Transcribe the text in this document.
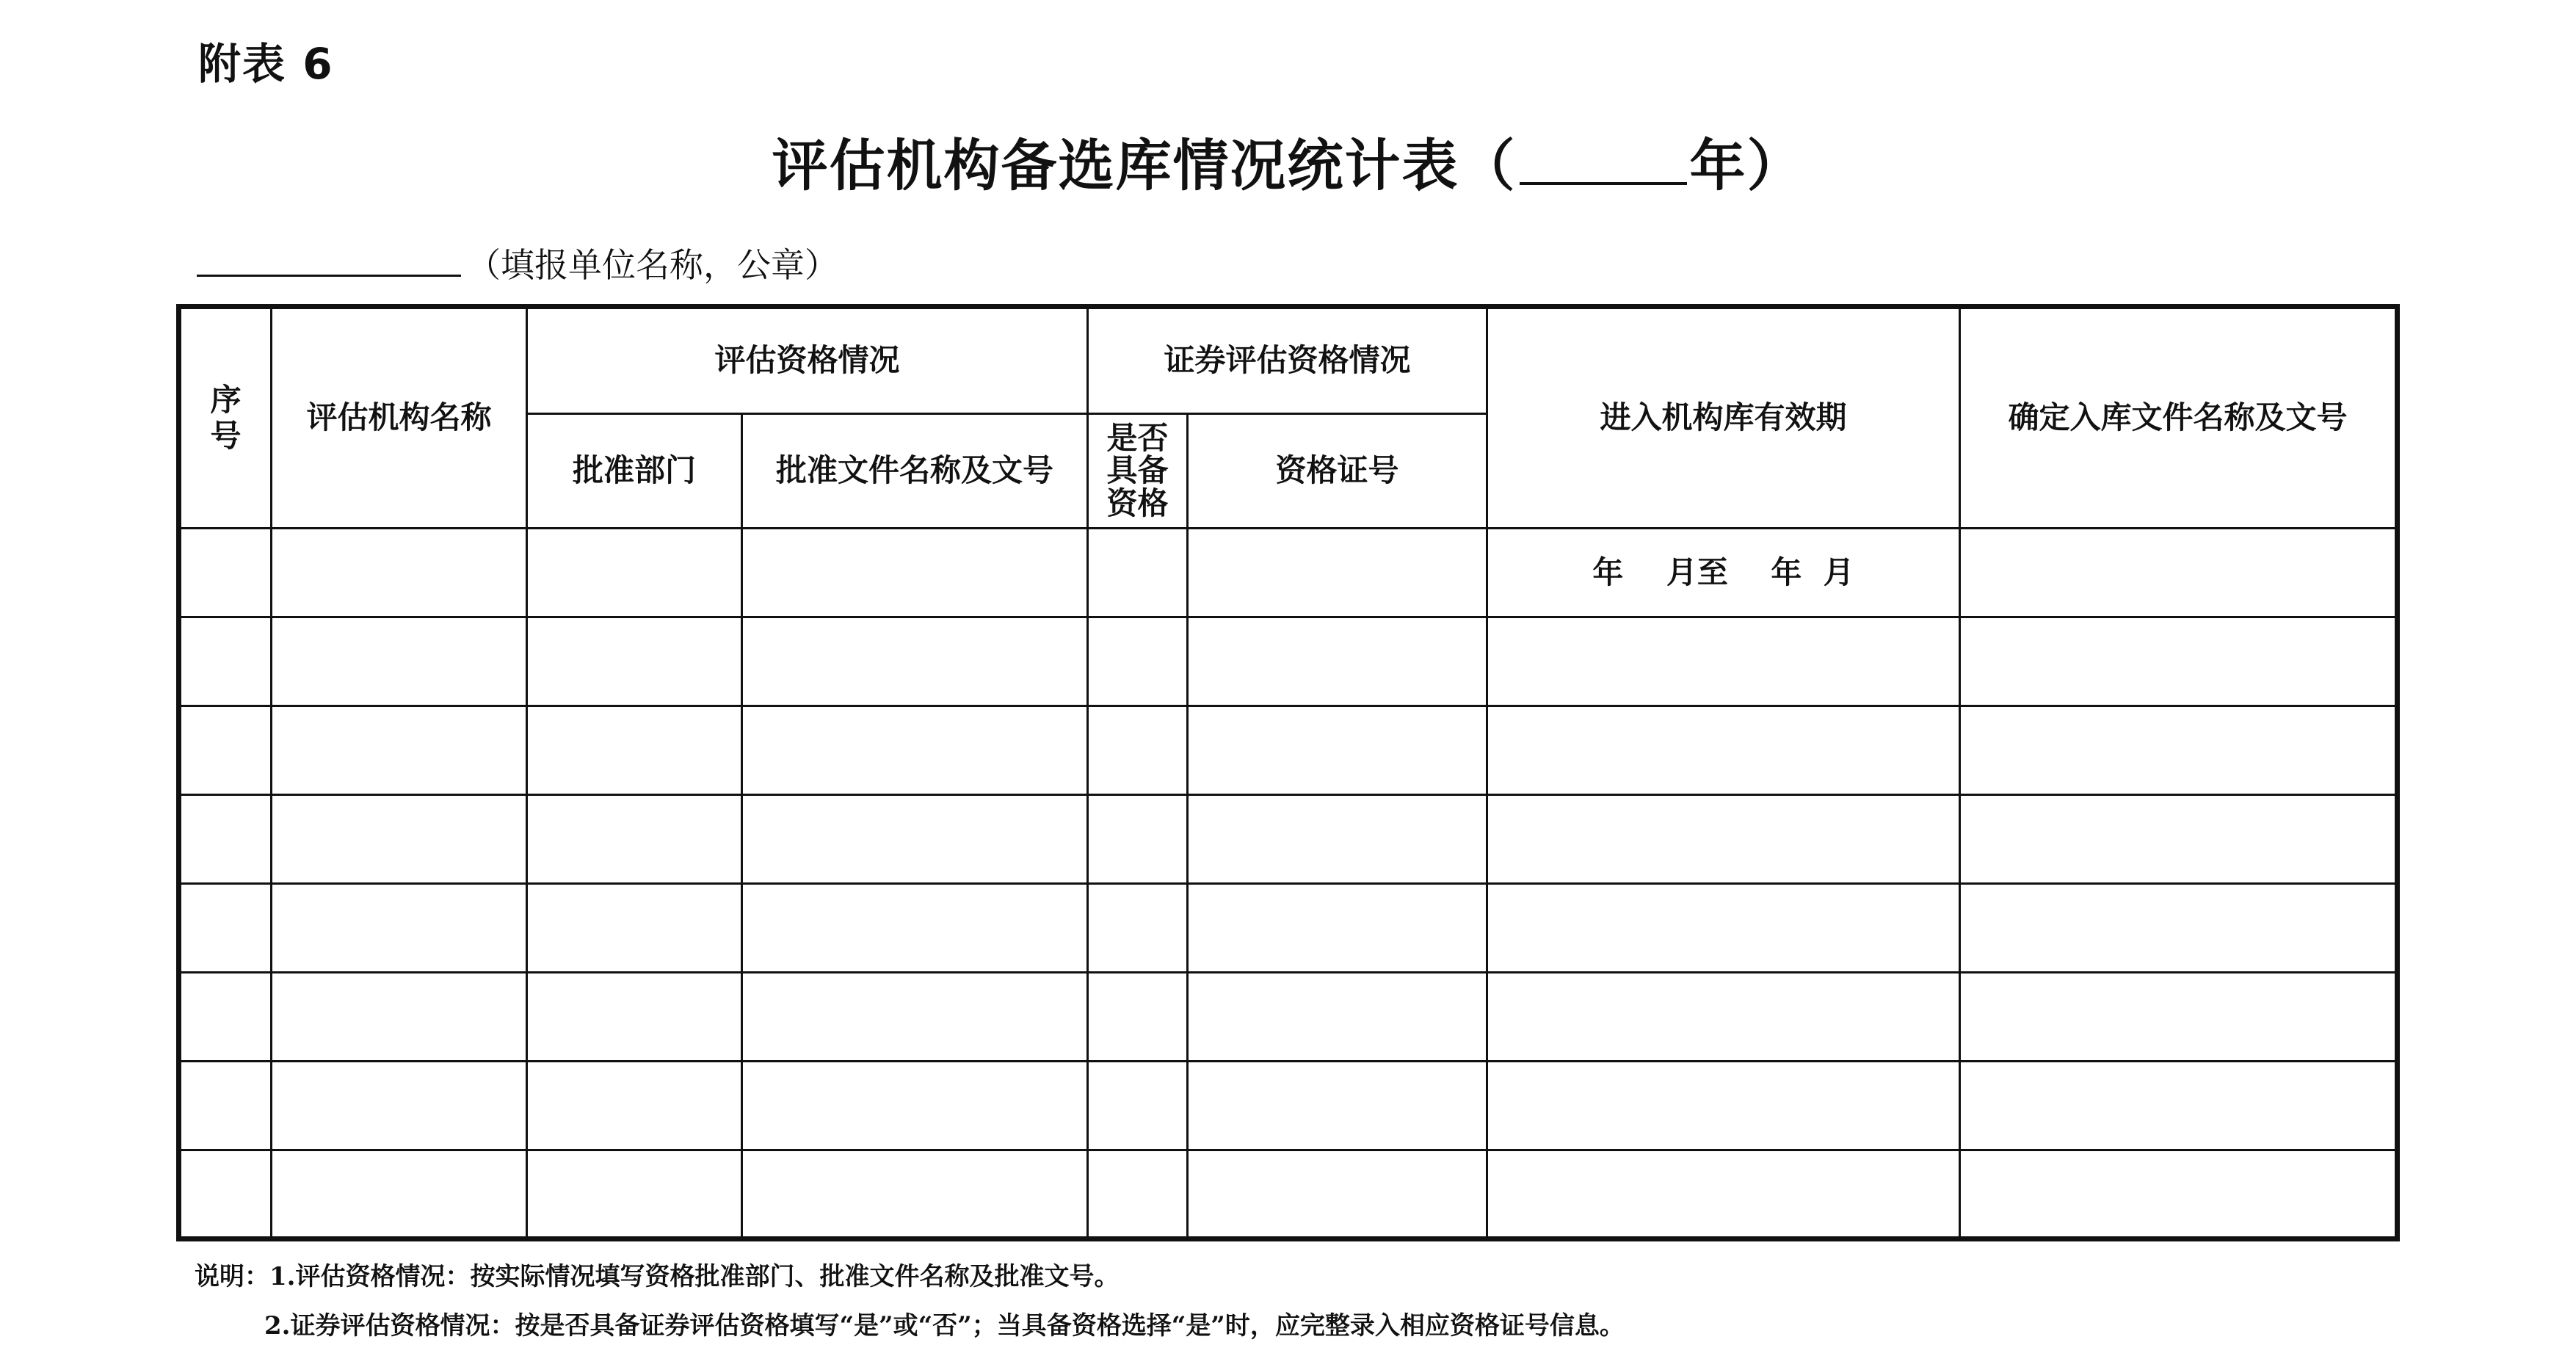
附表 6
评估机构备选库情况统计表（	年）
（填报单位名称，公章）
序号	评估机构名称	评估资格情况		证券评估资格情况		进入机构库有效期	确定入库文件名称及文号
		批准部门	批准文件名称及文号	是否具备资格	资格证号		
						年    月至    年  月	

说明：1.评估资格情况：按实际情况填写资格批准部门、批准文件名称及批准文号。
2.证券评估资格情况：按是否具备证券评估资格填写“是”或“否”；当具备资格选择“是”时，应完整录入相应资格证号信息。
